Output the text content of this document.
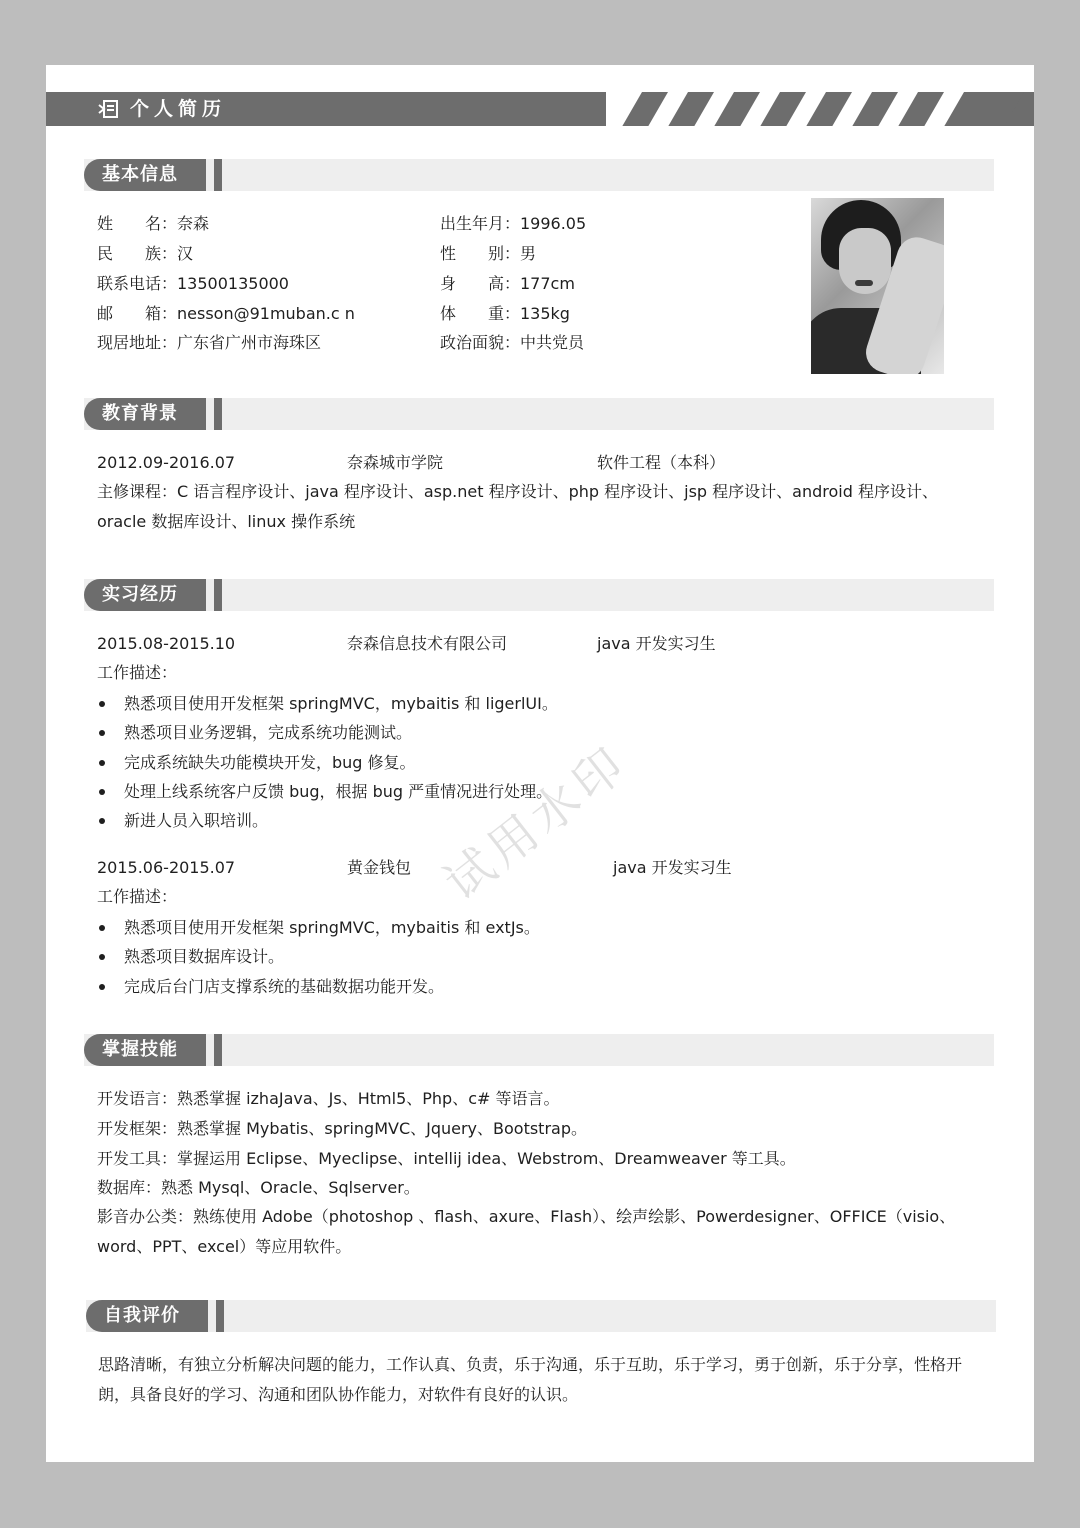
个人简历
基本信息
姓　　名：奈森
民　　族：汉
联系电话：13500135000
邮　　箱：nesson@91muban.c n
现居地址：广东省广州市海珠区
出生年月：1996.05
性　　别：男
身　　高：177cm
体　　重：135kg
政治面貌：中共党员
教育背景
2012.09-2016.07	奈森城市学院	软件工程（本科）
主修课程：C 语言程序设计、java 程序设计、asp.net 程序设计、php 程序设计、jsp 程序设计、android 程序设计、oracle 数据库设计、linux 操作系统
实习经历
2015.08-2015.10	奈森信息技术有限公司	java 开发实习生
工作描述：
熟悉项目使用开发框架 springMVC，mybaitis 和 ligerlUI。
熟悉项目业务逻辑，完成系统功能测试。
完成系统缺失功能模块开发，bug 修复。
处理上线系统客户反馈 bug，根据 bug 严重情况进行处理。
新进人员入职培训。
2015.06-2015.07	黄金钱包	java 开发实习生
工作描述：
熟悉项目使用开发框架 springMVC，mybaitis 和 extJs。
熟悉项目数据库设计。
完成后台门店支撑系统的基础数据功能开发。
试用水印
掌握技能
开发语言：熟悉掌握 izhaJava、Js、Html5、Php、c# 等语言。
开发框架：熟悉掌握 Mybatis、springMVC、Jquery、Bootstrap。
开发工具：掌握运用 Eclipse、Myeclipse、intellij idea、Webstrom、Dreamweaver 等工具。
数据库：熟悉 Mysql、Oracle、Sqlserver。
影音办公类：熟练使用 Adobe（photoshop 、flash、axure、Flash）、绘声绘影、Powerdesigner、OFFICE（visio、word、PPT、excel）等应用软件。
自我评价
思路清晰，有独立分析解决问题的能力，工作认真、负责，乐于沟通，乐于互助，乐于学习，勇于创新，乐于分享，性格开朗，具备良好的学习、沟通和团队协作能力，对软件有良好的认识。
